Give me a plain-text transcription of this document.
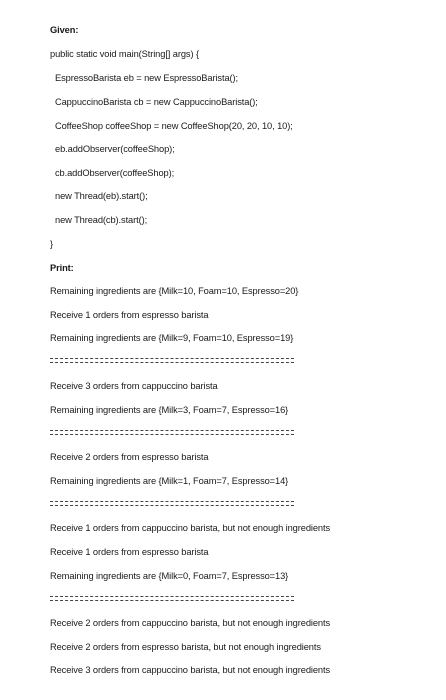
Given:
public static void main(String[] args) {
EspressoBarista eb = new EspressoBarista();
CappuccinoBarista cb = new CappuccinoBarista();
CoffeeShop coffeeShop = new CoffeeShop(20, 20, 10, 10);
eb.addObserver(coffeeShop);
cb.addObserver(coffeeShop);
new Thread(eb).start();
new Thread(cb).start();
}
Print:
Remaining ingredients are {Milk=10, Foam=10, Espresso=20}
Receive 1 orders from espresso barista
Remaining ingredients are {Milk=9, Foam=10, Espresso=19}
Receive 3 orders from cappuccino barista
Remaining ingredients are {Milk=3, Foam=7, Espresso=16}
Receive 2 orders from espresso barista
Remaining ingredients are {Milk=1, Foam=7, Espresso=14}
Receive 1 orders from cappuccino barista, but not enough ingredients
Receive 1 orders from espresso barista
Remaining ingredients are {Milk=0, Foam=7, Espresso=13}
Receive 2 orders from cappuccino barista, but not enough ingredients
Receive 2 orders from espresso barista, but not enough ingredients
Receive 3 orders from cappuccino barista, but not enough ingredients
